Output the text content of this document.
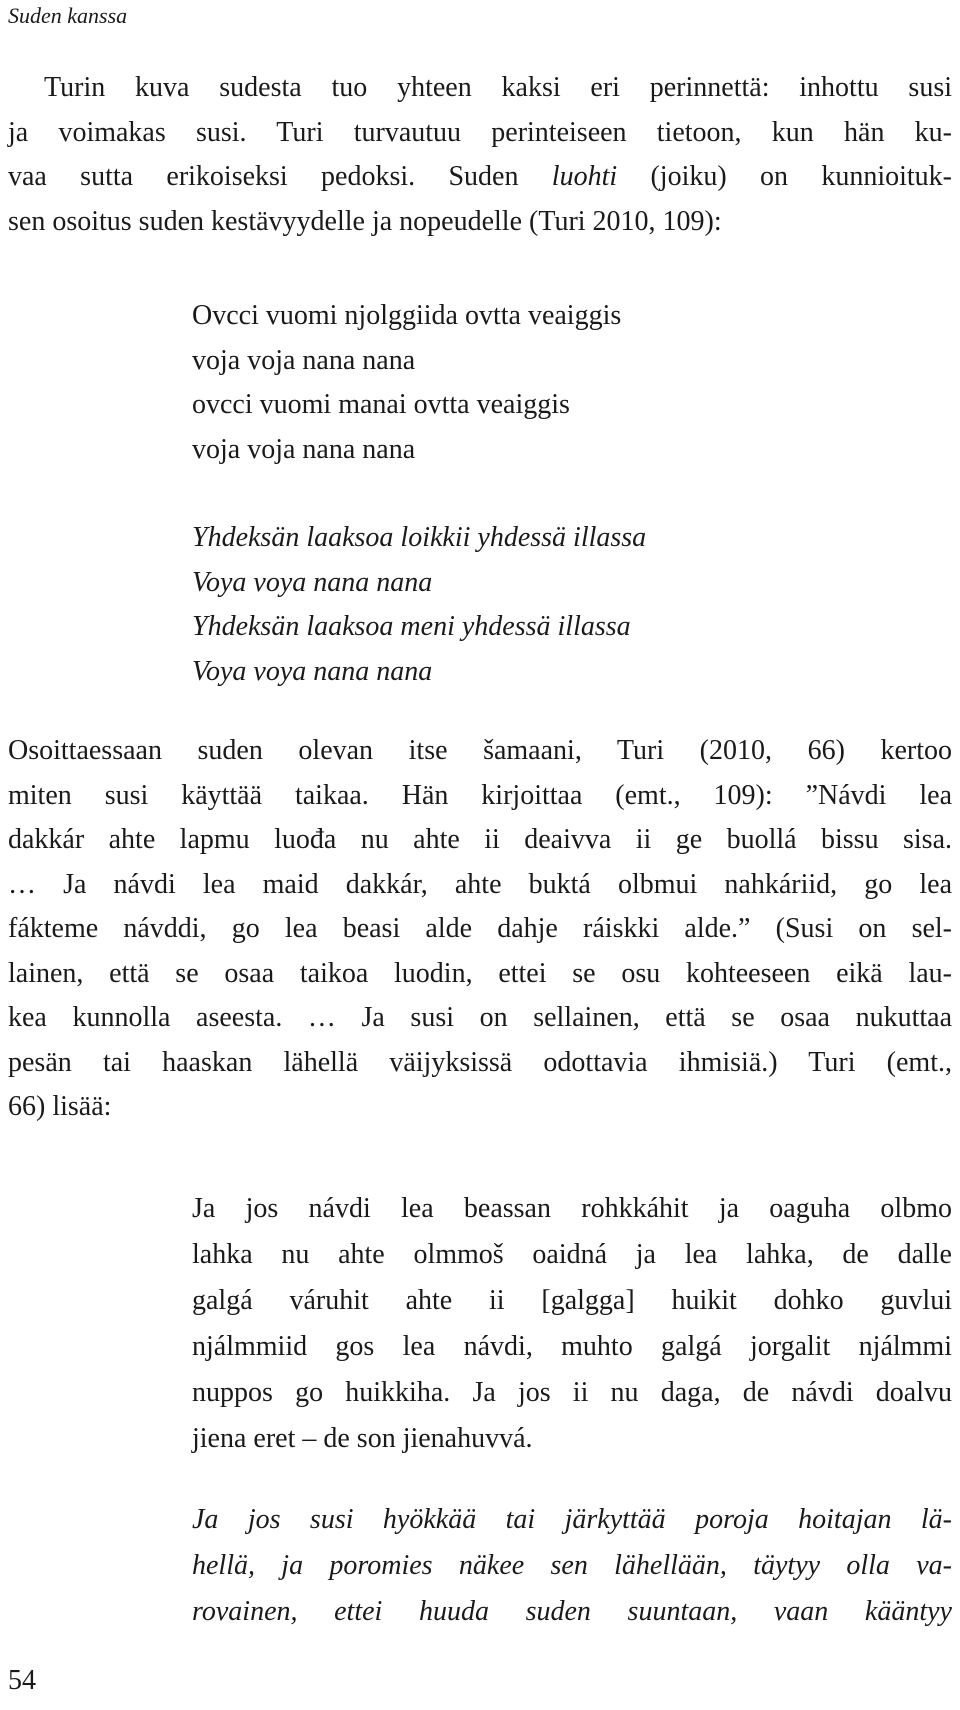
Suden kanssa

Turin kuva sudesta tuo yhteen kaksi eri perinnettä: inhottu susi
ja voimakas susi. Turi turvautuu perinteiseen tietoon, kun hän ku-
vaa sutta erikoiseksi pedoksi. Suden luohti (joiku) on kunnioituk-
sen osoitus suden kestävyydelle ja nopeudelle (Turi 2010, 109):

Ovcci vuomi njolggiida ovtta veaiggis
voja voja nana nana
ovcci vuomi manai ovtta veaiggis
voja voja nana nana
Yhdeksän laaksoa loikkii yhdessä illassa
Voya voya nana nana
Yhdeksän laaksoa meni yhdessä illassa
Voya voya nana nana

Osoittaessaan suden olevan itse šamaani, Turi (2010, 66) kertoo
miten susi käyttää taikaa. Hän kirjoittaa (emt., 109): ”Návdi lea
dakkár ahte lapmu luođa nu ahte ii deaivva ii ge buollá bissu sisa.
… Ja návdi lea maid dakkár, ahte buktá olbmui nahkáriid, go lea
fákteme návddi, go lea beasi alde dahje ráiskki alde.” (Susi on sel-
lainen, että se osaa taikoa luodin, ettei se osu kohteeseen eikä lau-
kea kunnolla aseesta. … Ja susi on sellainen, että se osaa nukuttaa
pesän tai haaskan lähellä väijyksissä odottavia ihmisiä.) Turi (emt.,
66) lisää:

Ja jos návdi lea beassan rohkkáhit ja oaguha olbmo
lahka nu ahte olmmoš oaidná ja lea lahka, de dalle
galgá váruhit ahte ii [galgga] huikit dohko guvlui
njálmmiid gos lea návdi, muhto galgá jorgalit njálmmi
nuppos go huikkiha. Ja jos ii nu daga, de návdi doalvu
jiena eret – de son jienahuvvá.
Ja jos susi hyökkää tai järkyttää poroja hoitajan lä-
hellä, ja poromies näkee sen lähellään, täytyy olla va-
rovainen, ettei huuda suden suuntaan, vaan kääntyy
54
